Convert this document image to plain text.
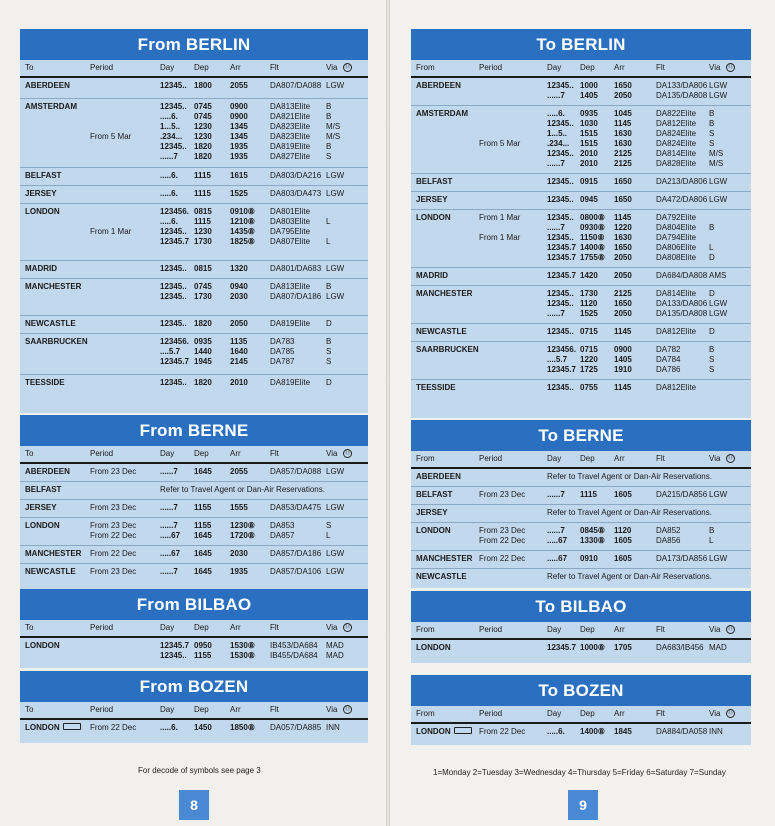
From BERLIN
To	Period	Day Dep	Arr	Flt	Via	⑪
ABERDEEN	12345.. 1800 2055	DA807/DA088 LGW
AMSTERDAM	12345.. 0745 0900	DA813Elite B
.....6. 0745 0900	DA821Elite B
1...5.. 1230 1345	DA823Elite M/S
From 5 Mar	.234... 1230 1345	DA823Elite M/S
12345.. 1820 1935	DA819Elite B
......7 1820 1935	DA827Elite S
BELFAST	.....6. 1115 1615	DA803/DA216 LGW
JERSEY	.....6. 1115 1525	DA803/DA473 LGW
LONDON	123456. 0815 0910⑧ DA801Elite
.....6. 1115 1210⑧ DA803Elite L
From 1 Mar	12345.. 1230 1435⑧ DA795Elite
12345.7 1730 1825⑧ DA807Elite L
MADRID	12345.. 0815 1320	DA801/DA683 LGW
MANCHESTER	12345.. 0745 0940	DA813Elite B
12345.. 1730 2030	DA807/DA186 LGW
NEWCASTLE	12345.. 1820 2050	DA819Elite D
SAARBRUCKEN	123456. 0935 1135	DA783	B
....5.7 1440 1640	DA785	S
12345.7 1945 2145	DA787	S
TEESSIDE	12345.. 1820 2010	DA819Elite D
From BERNE
To	Period	Day Dep	Arr	Flt	Via	⑪
ABERDEEN	From 23 Dec	......7 1645 2055	DA857/DA088 LGW
BELFAST	Refer to Travel Agent or Dan-Air Reservations.
JERSEY	From 23 Dec	......7 1155 1555	DA853/DA475 LGW
LONDON	From 23 Dec	......7 1155 1230⑧ DA853	S
From 22 Dec	.....67 1645 1720⑧ DA857	L
MANCHESTER From 22 Dec	.....67 1645 2030	DA857/DA186 LGW
NEWCASTLE From 23 Dec	......7 1645 1935	DA857/DA106 LGW
From BILBAO
To	Period	Day Dep	Arr	Flt	Via	⑪
LONDON	12345.7 0950 1530⑧ IB453/DA684 MAD
12345.. 1155 1530⑧ IB455/DA684 MAD
From BOZEN
To	Period	Day Dep	Arr	Flt	Via	⑪
LONDON	From 22 Dec	.....6. 1450 1850⑧ DA057/DA885 INN
For decode of symbols see page 3
8
To BERLIN
From	Period	Day Dep Arr	Flt	Via	⑪
ABERDEEN	12345.. 1000 1650	DA133/DA806 LGW
......7 1405 2050	DA135/DA808 LGW
AMSTERDAM	.....6. 0935 1045	DA822Elite B
12345.. 1030 1145	DA812Elite B
1...5.. 1515 1630	DA824Elite S
From 5 Mar	.234... 1515 1630	DA824Elite S
12345.. 2010 2125	DA814Elite M/S
......7 2010 2125	DA828Elite M/S
BELFAST	12345.. 0915 1650	DA213/DA806 LGW
JERSEY	12345.. 0945 1650	DA472/DA806 LGW
LONDON	From 1 Mar	12345.. 0800⑧ 1145	DA792Elite
......7 0930⑧ 1220	DA804Elite B
From 1 Mar	12345.. 1150⑧ 1630	DA794Elite
12345.7 1400⑧ 1650	DA806Elite L
12345.7 1755⑧ 2050	DA808Elite D
MADRID	12345.7 1420 2050	DA684/DA808 AMS
MANCHESTER	12345.. 1730 2125	DA814Elite D
12345.. 1120 1650	DA133/DA806 LGW
......7 1525 2050	DA135/DA808 LGW
NEWCASTLE	12345.. 0715 1145	DA812Elite D
SAARBRUCKEN	123456. 0715 0900	DA782	B
....5.7 1220 1405	DA784	S
12345.7 1725 1910	DA786	S
TEESSIDE	12345.. 0755 1145	DA812Elite
To BERNE
From	Period	Day Dep Arr	Flt	Via	⑪
ABERDEEN	Refer to Travel Agent or Dan-Air Reservations.
BELFAST	From 23 Dec	......7 1115 1605	DA215/DA856 LGW
JERSEY	Refer to Travel Agent or Dan-Air Reservations.
LONDON	From 23 Dec	......7 0845⑧ 1120	DA852	B
From 22 Dec	.....67 1330⑧ 1605	DA856	L
MANCHESTER From 22 Dec	.....67 0910 1605	DA173/DA856 LGW
NEWCASTLE	Refer to Travel Agent or Dan-Air Reservations.
To BILBAO
From	Period	Day Dep Arr	Flt	Via	⑪
LONDON	12345.7 1000⑧ 1705	DA683/IB456 MAD
To BOZEN
From	Period	Day Dep Arr	Flt	Via	⑪
LONDON	From 22 Dec	.....6. 1400⑧ 1845	DA884/DA058 INN
1=Monday 2=Tuesday 3=Wednesday 4=Thursday 5=Friday 6=Saturday 7=Sunday
9
